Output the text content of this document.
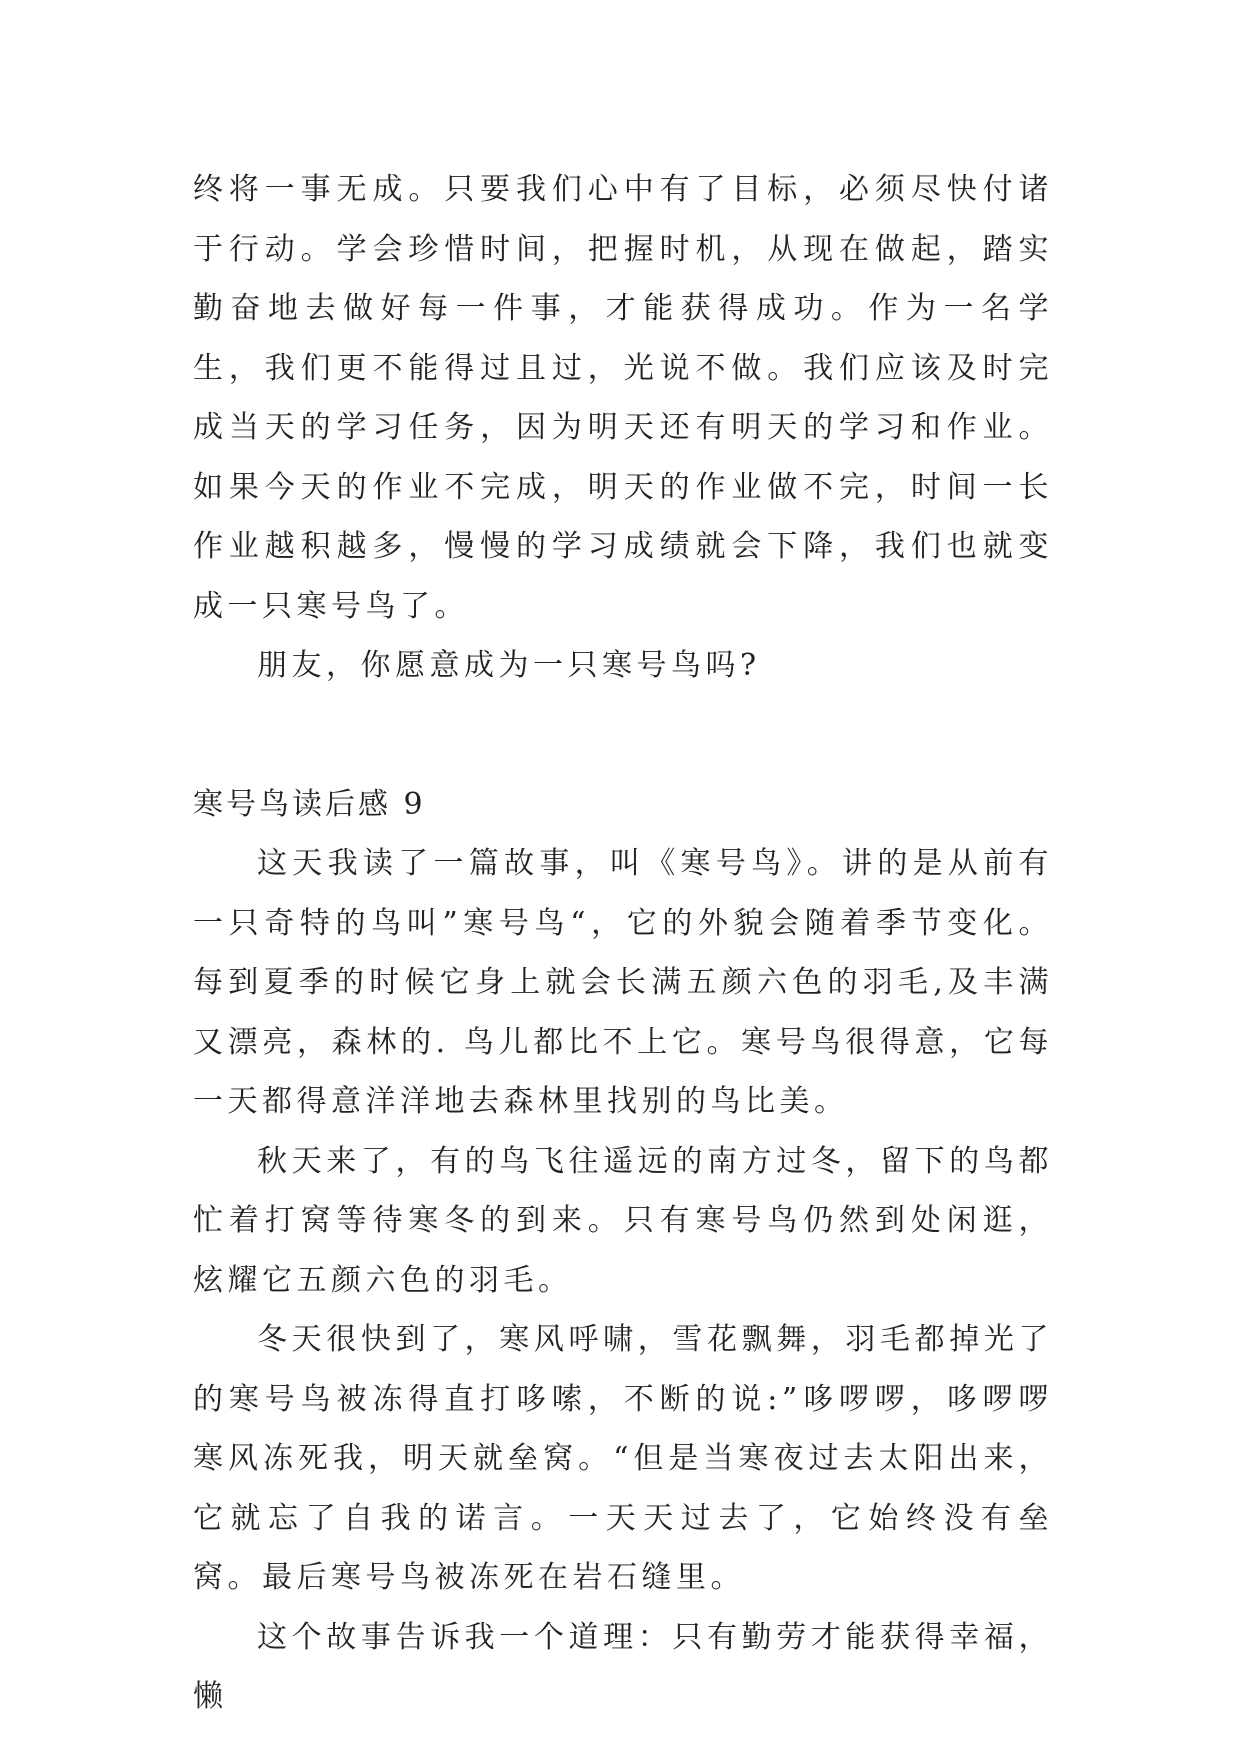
终将一事无成。只要我们心中有了目标，必须尽快付诸于行动。学会珍惜时间，把握时机，从现在做起，踏实勤奋地去做好每一件事，才能获得成功。作为一名学生，我们更不能得过且过，光说不做。我们应该及时完成当天的学习任务，因为明天还有明天的学习和作业。如果今天的作业不完成，明天的作业做不完，时间一长作业越积越多，慢慢的学习成绩就会下降，我们也就变成一只寒号鸟了。

朋友，你愿意成为一只寒号鸟吗?

寒号鸟读后感 9

这天我读了一篇故事，叫《寒号鸟》。讲的是从前有一只奇特的鸟叫”寒号鸟“，它的外貌会随着季节变化。每到夏季的时候它身上就会长满五颜六色的羽毛,及丰满又漂亮，森林的. 鸟儿都比不上它。寒号鸟很得意，它每一天都得意洋洋地去森林里找别的鸟比美。

秋天来了，有的鸟飞往遥远的南方过冬，留下的鸟都忙着打窝等待寒冬的到来。只有寒号鸟仍然到处闲逛，炫耀它五颜六色的羽毛。

冬天很快到了，寒风呼啸，雪花飘舞，羽毛都掉光了的寒号鸟被冻得直打哆嗦，不断的说:”哆啰啰，哆啰啰寒风冻死我，明天就垒窝。“但是当寒夜过去太阳出来，它就忘了自我的诺言。一天天过去了，它始终没有垒窝。最后寒号鸟被冻死在岩石缝里。

这个故事告诉我一个道理：只有勤劳才能获得幸福，懒
